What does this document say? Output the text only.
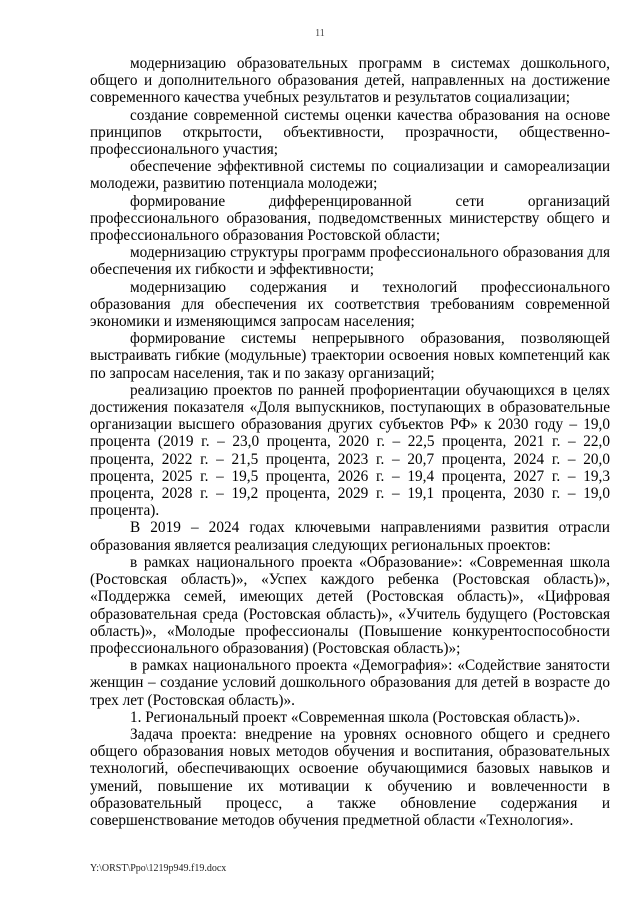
11

модернизацию образовательных программ в системах дошкольного, общего и дополнительного образования детей, направленных на достижение современного качества учебных результатов и результатов социализации;

создание современной системы оценки качества образования на основе принципов открытости, объективности, прозрачности, общественно-профессионального участия;

обеспечение эффективной системы по социализации и самореализации молодежи, развитию потенциала молодежи;

формирование дифференцированной сети организаций профессионального образования, подведомственных министерству общего и профессионального образования Ростовской области;

модернизацию структуры программ профессионального образования для обеспечения их гибкости и эффективности;

модернизацию содержания и технологий профессионального образования для обеспечения их соответствия требованиям современной экономики и изменяющимся запросам населения;

формирование системы непрерывного образования, позволяющей выстраивать гибкие (модульные) траектории освоения новых компетенций как по запросам населения, так и по заказу организаций;

реализацию проектов по ранней профориентации обучающихся в целях достижения показателя «Доля выпускников, поступающих в образовательные организации высшего образования других субъектов РФ» к 2030 году – 19,0 процента (2019 г. – 23,0 процента, 2020 г. – 22,5 процента, 2021 г. – 22,0 процента, 2022 г. – 21,5 процента, 2023 г. – 20,7 процента, 2024 г. – 20,0 процента, 2025 г. – 19,5 процента, 2026 г. – 19,4 процента, 2027 г. – 19,3 процента, 2028 г. – 19,2 процента, 2029 г. – 19,1 процента, 2030 г. – 19,0 процента).

В 2019 – 2024 годах ключевыми направлениями развития отрасли образования является реализация следующих региональных проектов:

в рамках национального проекта «Образование»: «Современная школа (Ростовская область)», «Успех каждого ребенка (Ростовская область)», «Поддержка семей, имеющих детей (Ростовская область)», «Цифровая образовательная среда (Ростовская область)», «Учитель будущего (Ростовская область)», «Молодые профессионалы (Повышение конкурентоспособности профессионального образования) (Ростовская область)»;

в рамках национального проекта «Демография»: «Содействие занятости женщин – создание условий дошкольного образования для детей в возрасте до трех лет (Ростовская область)».

1. Региональный проект «Современная школа (Ростовская область)».

Задача проекта: внедрение на уровнях основного общего и среднего общего образования новых методов обучения и воспитания, образовательных технологий, обеспечивающих освоение обучающимися базовых навыков и умений, повышение их мотивации к обучению и вовлеченности в образовательный процесс, а также обновление содержания и совершенствование методов обучения предметной области «Технология».

Y:\ORST\Ppo\1219p949.f19.docx
